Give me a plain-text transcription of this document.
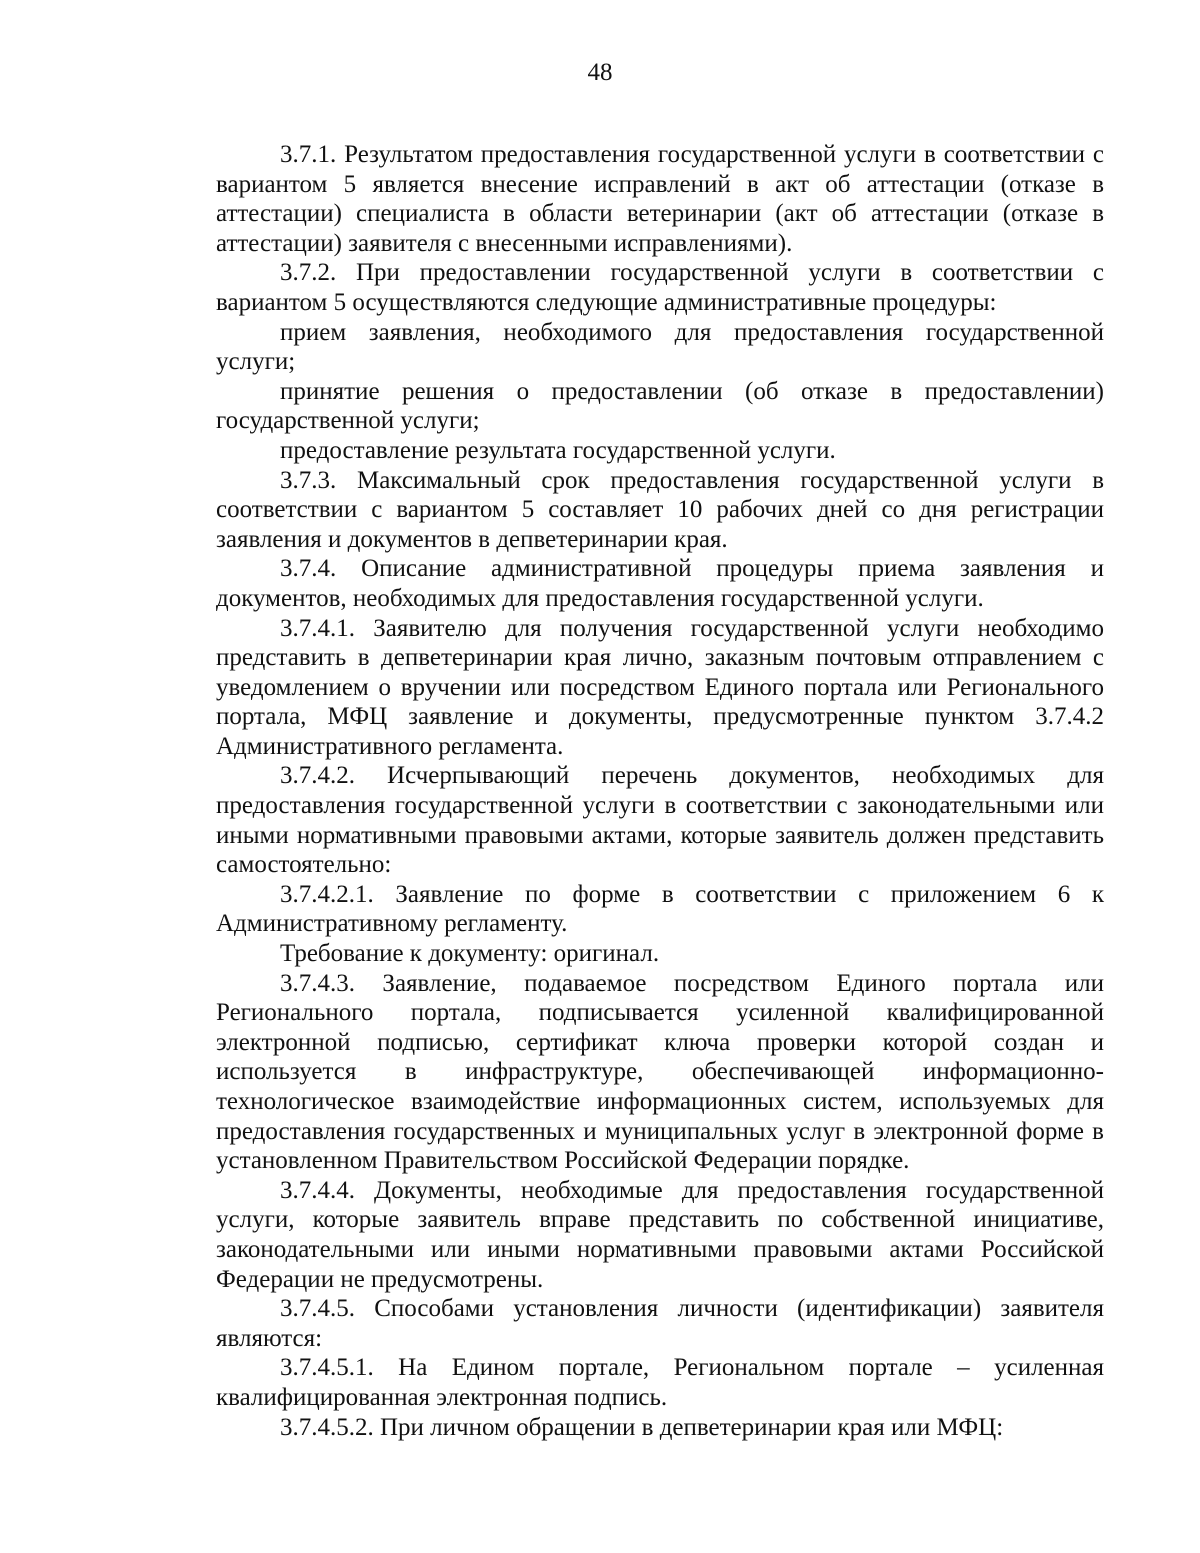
48

3.7.1. Результатом предоставления государственной услуги в соответствии с вариантом 5 является внесение исправлений в акт об аттестации (отказе в аттестации) специалиста в области ветеринарии (акт об аттестации (отказе в аттестации) заявителя с внесенными исправлениями).

3.7.2. При предоставлении государственной услуги в соответствии с вариантом 5 осуществляются следующие административные процедуры:

прием заявления, необходимого для предоставления государственной услуги;

принятие решения о предоставлении (об отказе в предоставлении) государственной услуги;

предоставление результата государственной услуги.

3.7.3. Максимальный срок предоставления государственной услуги в соответствии с вариантом 5 составляет 10 рабочих дней со дня регистрации заявления и документов в депветеринарии края.

3.7.4. Описание административной процедуры приема заявления и документов, необходимых для предоставления государственной услуги.

3.7.4.1. Заявителю для получения государственной услуги необходимо представить в депветеринарии края лично, заказным почтовым отправлением с уведомлением о вручении или посредством Единого портала или Регионального портала, МФЦ заявление и документы, предусмотренные пунктом 3.7.4.2 Административного регламента.

3.7.4.2. Исчерпывающий перечень документов, необходимых для предоставления государственной услуги в соответствии с законодательными или иными нормативными правовыми актами, которые заявитель должен представить самостоятельно:

3.7.4.2.1. Заявление по форме в соответствии с приложением 6 к Административному регламенту.

Требование к документу: оригинал.

3.7.4.3. Заявление, подаваемое посредством Единого портала или Регионального портала, подписывается усиленной квалифицированной электронной подписью, сертификат ключа проверки которой создан и используется в инфраструктуре, обеспечивающей информационно-технологическое взаимодействие информационных систем, используемых для предоставления государственных и муниципальных услуг в электронной форме в установленном Правительством Российской Федерации порядке.

3.7.4.4. Документы, необходимые для предоставления государственной услуги, которые заявитель вправе представить по собственной инициативе, законодательными или иными нормативными правовыми актами Российской Федерации не предусмотрены.

3.7.4.5. Способами установления личности (идентификации) заявителя являются:

3.7.4.5.1. На Едином портале, Региональном портале – усиленная квалифицированная электронная подпись.

3.7.4.5.2. При личном обращении в депветеринарии края или МФЦ:
